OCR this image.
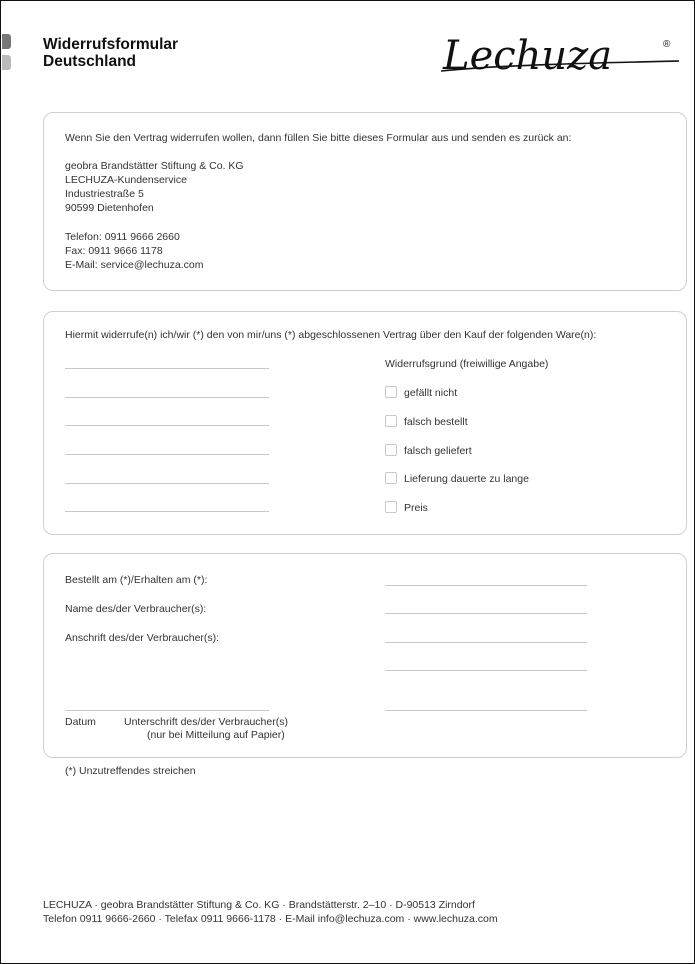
Widerrufsformular
Deutschland	Lechuza	®
Wenn Sie den Vertrag widerrufen wollen, dann füllen Sie bitte dieses Formular aus und senden es zurück an:
geobra Brandstätter Stiftung & Co. KG
LECHUZA-Kundenservice
Industriestraße 5
90599 Dietenhofen
Telefon: 0911 9666 2660
Fax: 0911 9666 1178
E-Mail: service@lechuza.com
Hiermit widerrufe(n) ich/wir (*) den von mir/uns (*) abgeschlossenen Vertrag über den Kauf der folgenden Ware(n):
Widerrufsgrund (freiwillige Angabe)
gefällt nicht
falsch bestellt
falsch geliefert
Lieferung dauerte zu lange
Preis
Bestellt am (*)/Erhalten am (*):
Name des/der Verbraucher(s):
Anschrift des/der Verbraucher(s):
Datum	Unterschrift des/der Verbraucher(s)
(nur bei Mitteilung auf Papier)
(*) Unzutreffendes streichen
LECHUZA · geobra Brandstätter Stiftung & Co. KG · Brandstätterstr. 2–10 · D-90513 Zirndorf
Telefon 0911 9666-2660 · Telefax 0911 9666-1178 · E-Mail info@lechuza.com · www.lechuza.com
